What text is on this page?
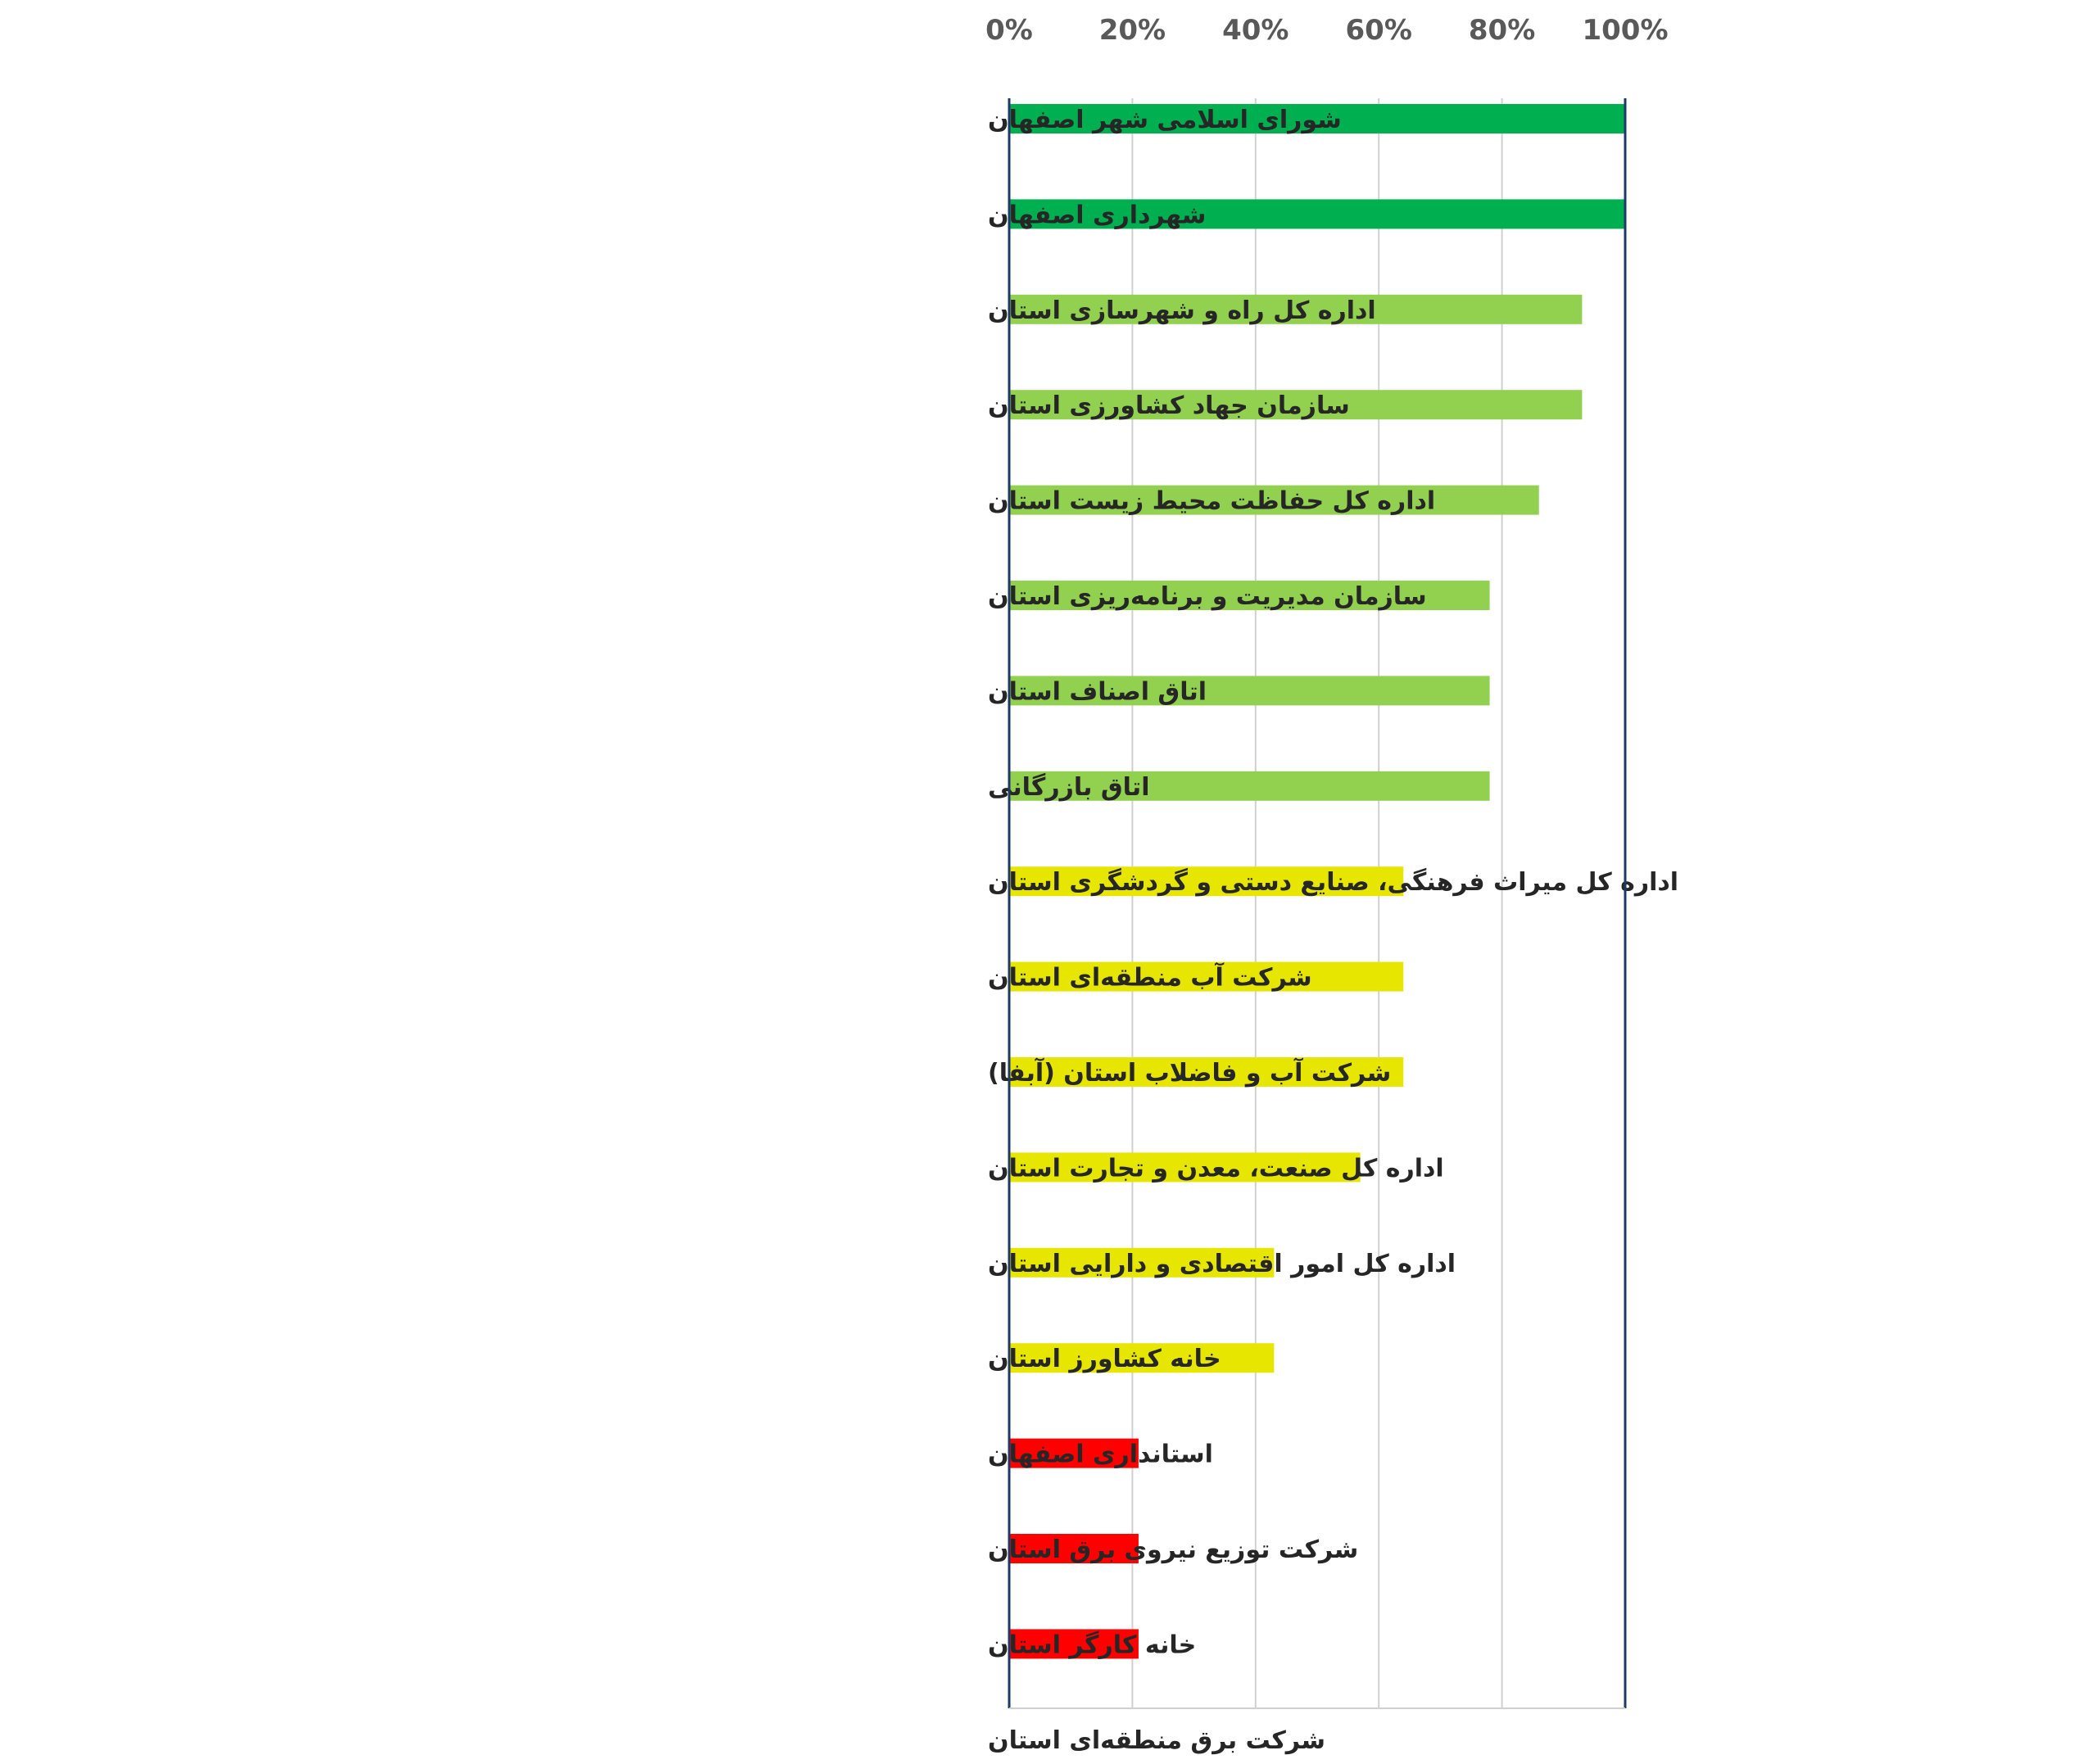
شورای اسلامی شهر اصفهان
شهرداری اصفهان
اداره کل راه و شهرسازی استان
سازمان جهاد کشاورزی استان
اداره کل حفاظت محیط زیست استان
سازمان مدیریت و برنامه‌ریزی استان
اتاق اصناف استان
اتاق بازرگانی
اداره کل میراث فرهنگی، صنایع دستی و گردشگری استان
شرکت آب منطقه‌ای استان
شرکت آب و فاضلاب استان (آبفا)
اداره کل صنعت، معدن و تجارت استان
اداره کل امور اقتصادی و دارایی استان
خانه کشاورز استان
استانداری اصفهان
شرکت توزیع نیروی برق استان
خانه کارگر استان
شرکت برق منطقه‌ای استان
0% 20% 40% 60% 80% 100%
